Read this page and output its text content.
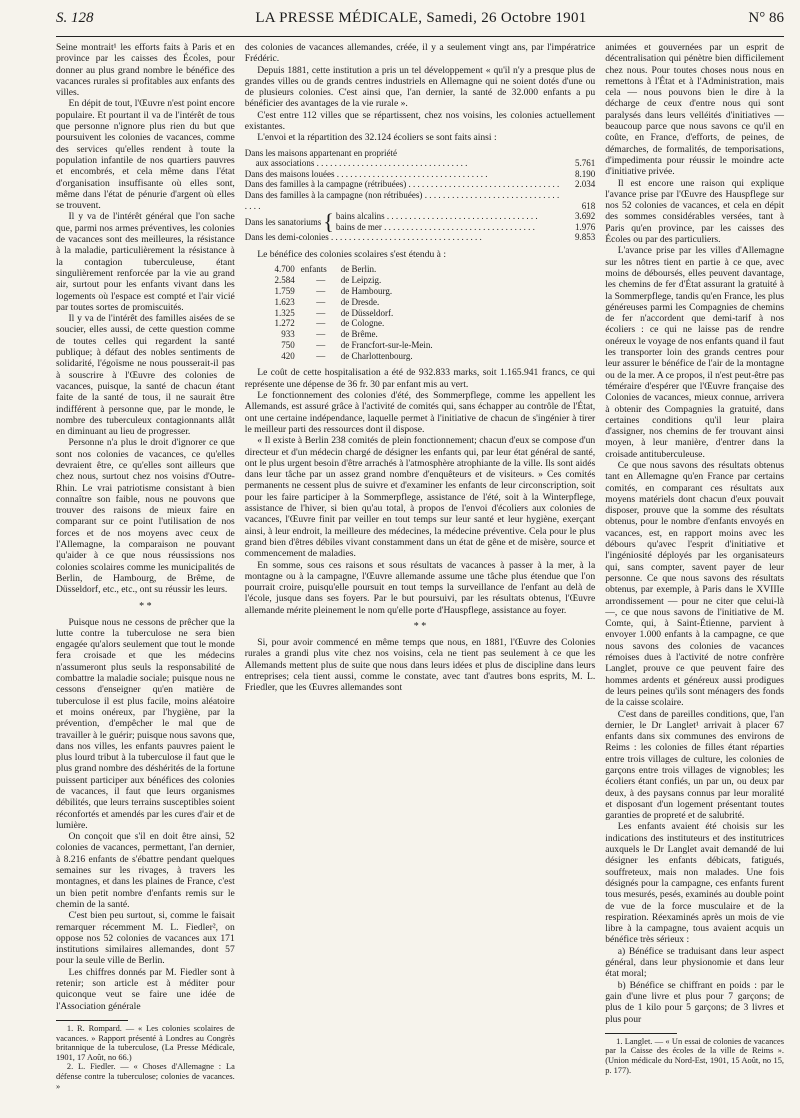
S. 128	LA PRESSE MÉDICALE, Samedi, 26 Octobre 1901	N° 86

Seine montrait¹ les efforts faits à Paris et en province par les caisses des Écoles, pour donner au plus grand nombre le bénéfice des vacances rurales si profitables aux enfants des villes.

En dépit de tout, l'Œuvre n'est point encore populaire. Et pourtant il va de l'intérêt de tous que personne n'ignore plus rien du but que poursuivent les colonies de vacances, comme des services qu'elles rendent à toute la population infantile de nos quartiers pauvres et encombrés, et cela même dans l'état d'organisation insuffisante où elles sont, même dans l'état de pénurie d'argent où elles se trouvent.

Il y va de l'intérêt général que l'on sache que, parmi nos armes préventives, les colonies de vacances sont des meilleures, la résistance à la maladie, particulièrement la résistance à la contagion tuberculeuse, étant singulièrement renforcée par la vie au grand air, surtout pour les enfants vivant dans les logements où l'espace est compté et l'air vicié par toutes sortes de promiscuités.

Il y va de l'intérêt des familles aisées de se soucier, elles aussi, de cette question comme de toutes celles qui regardent la santé publique; à défaut des nobles sentiments de solidarité, l'égoïsme ne nous pousserait-il pas à souscrire à l'Œuvre des colonies de vacances, puisque, la santé de chacun étant faite de la santé de tous, il ne saurait être indifférent à personne que, par le monde, le nombre des tuberculeux contagionnants allât en diminuant au lieu de progresser.

Personne n'a plus le droit d'ignorer ce que sont nos colonies de vacances, ce qu'elles devraient être, ce qu'elles sont ailleurs que chez nous, surtout chez nos voisins d'Outre-Rhin. Le vrai patriotisme consistant à bien connaître son faible, nous ne pouvons que trouver des raisons de mieux faire en comparant sur ce point l'utilisation de nos forces et de nos moyens avec ceux de l'Allemagne, la comparaison ne pouvant qu'aider à ce que nous réussissions nos colonies scolaires comme les municipalités de Berlin, de Hambourg, de Brême, de Düsseldorf, etc., etc., ont su réussir les leurs.

* *

Puisque nous ne cessons de prêcher que la lutte contre la tuberculose ne sera bien engagée qu'alors seulement que tout le monde fera croisade et que les médecins n'assumeront plus seuls la responsabilité de combattre la maladie sociale; puisque nous ne cessons d'enseigner qu'en matière de tuberculose il est plus facile, moins aléatoire et moins onéreux, par l'hygiène, par la prévention, d'empêcher le mal que de travailler à le guérir; puisque nous savons que, dans nos villes, les enfants pauvres paient le plus lourd tribut à la tuberculose il faut que le plus grand nombre des déshérités de la fortune puissent participer aux bénéfices des colonies de vacances, il faut que leurs organismes débilités, que leurs terrains susceptibles soient réconfortés et amendés par les cures d'air et de lumière.

On conçoit que s'il en doit être ainsi, 52 colonies de vacances, permettant, l'an dernier, à 8.216 enfants de s'ébattre pendant quelques semaines sur les rivages, à travers les montagnes, et dans les plaines de France, c'est un bien petit nombre d'enfants remis sur le chemin de la santé.

C'est bien peu surtout, si, comme le faisait remarquer récemment M. L. Fiedler², on oppose nos 52 colonies de vacances aux 171 institutions similaires allemandes, dont 57 pour la seule ville de Berlin.

Les chiffres donnés par M. Fiedler sont à retenir; son article est à méditer pour quiconque veut se faire une idée de l'Association générale

1. R. Rompard. — « Les colonies scolaires de vacances. » Rapport présenté à Londres au Congrès britannique de la tuberculose, (La Presse Médicale, 1901, 17 Août, no 66.)

2. L. Fiedler. — « Choses d'Allemagne : La défense contre la tuberculose; colonies de vacances. »

des colonies de vacances allemandes, créée, il y a seulement vingt ans, par l'impératrice Frédéric.

Depuis 1881, cette institution a pris un tel développement « qu'il n'y a presque plus de grandes villes ou de grands centres industriels en Allemagne qui ne soient dotés d'une ou de plusieurs colonies. C'est ainsi que, l'an dernier, la santé de 32.000 enfants a pu bénéficier des avantages de la vie rurale ».

C'est entre 112 villes que se répartissent, chez nos voisins, les colonies actuellement existantes.

L'envoi et la répartition des 32.124 écoliers se sont faits ainsi :

Dans les maisons appartenant en propriété
aux associations . . .	5.761
Dans des maisons louées . . .	8.190
Dans des familles à la campagne (rétribuées) . . .	2.034
Dans des familles à la campagne (non rétribuées) . . .
618
Dans les sanatoriums { bains alcalins . . .	3.692
bains de mer . . .	1.976
Dans les demi-colonies . . .	9.853

Le bénéfice des colonies scolaires s'est étendu à :

4.700 enfants	de Berlin.
2.584	—	de Leipzig.
1.759	—	de Hambourg.
1.623	—	de Dresde.
1.325	—	de Düsseldorf.
1.272	—	de Cologne.
933	—	de Brême.
750	—	de Francfort-sur-le-Mein.
420	—	de Charlottenbourg.

Le coût de cette hospitalisation a été de 932.833 marks, soit 1.165.941 francs, ce qui représente une dépense de 36 fr. 30 par enfant mis au vert.

Le fonctionnement des colonies d'été, des Sommerpflege, comme les appellent les Allemands, est assuré grâce à l'activité de comités qui, sans échapper au contrôle de l'État, ont une certaine indépendance, laquelle permet à l'initiative de chacun de s'ingénier à tirer le meilleur parti des ressources dont il dispose.

« Il existe à Berlin 238 comités de plein fonctionnement; chacun d'eux se compose d'un directeur et d'un médecin chargé de désigner les enfants qui, par leur état général de santé, ont le plus urgent besoin d'être arrachés à l'atmosphère atrophiante de la ville. Ils sont aidés dans leur tâche par un assez grand nombre d'enquêteurs et de visiteurs. » Ces comités permanents ne cessent plus de suivre et d'examiner les enfants de leur circonscription, soit pour les faire participer à la Sommerpflege, assistance de l'été, soit à la Winterpflege, assistance de l'hiver, si bien qu'au total, à propos de l'envoi d'écoliers aux colonies de vacances, l'Œuvre finit par veiller en tout temps sur leur santé et leur hygiène, exerçant ainsi, à leur endroit, la meilleure des médecines, la médecine préventive. Cela pour le plus grand bien d'êtres débiles vivant constamment dans un état de gêne et de misère, source et commencement de maladies.

En somme, sous ces raisons et sous résultats de vacances à passer à la mer, à la montagne ou à la campagne, l'Œuvre allemande assume une tâche plus étendue que l'on pourrait croire, puisqu'elle poursuit en tout temps la surveillance de l'enfant au delà de l'école, jusque dans ses foyers. Par le but poursuivi, par les résultats obtenus, l'Œuvre allemande mérite pleinement le nom qu'elle porte d'Hauspflege, assistance au foyer.

* *

Si, pour avoir commencé en même temps que nous, en 1881, l'Œuvre des Colonies rurales a grandi plus vite chez nos voisins, cela ne tient pas seulement à ce que les Allemands mettent plus de suite que nous dans leurs idées et plus de discipline dans leurs entreprises; cela tient aussi, comme le constate, avec tant d'autres bons esprits, M. L. Friedler, que les Œuvres allemandes sont

animées et gouvernées par un esprit de décentralisation qui pénètre bien difficilement chez nous. Pour toutes choses nous nous en remettons à l'État et à l'Administration, mais cela — nous pouvons bien le dire à la décharge de ceux d'entre nous qui sont paralysés dans leurs velléités d'initiatives — beaucoup parce que nous savons ce qu'il en coûte, en France, d'efforts, de peines, de démarches, de formalités, de temporisations, d'impedimenta pour réussir le moindre acte d'initiative privée.

Il est encore une raison qui explique l'avance prise par l'Œuvre des Hauspflege sur nos 52 colonies de vacances, et cela en dépit des sommes considérables versées, tant à Paris qu'en province, par les caisses des Écoles ou par des particuliers.

L'avance prise par les villes d'Allemagne sur les nôtres tient en partie à ce que, avec moins de déboursés, elles peuvent davantage, les chemins de fer d'État assurant la gratuité à la Sommerpflege, tandis qu'en France, les plus généreuses parmi les Compagnies de chemins de fer n'accordent que demi-tarif à nos écoliers : ce qui ne laisse pas de rendre onéreux le voyage de nos enfants quand il faut les transporter loin des grands centres pour leur assurer le bénéfice de l'air de la montagne ou de la mer. A ce propos, il n'est peut-être pas téméraire d'espérer que l'Œuvre française des Colonies de vacances, mieux connue, arrivera à obtenir des Compagnies la gratuité, dans certaines conditions qu'il leur plaira d'assigner, nos chemins de fer trouvant ainsi moyen, à leur manière, d'entrer dans la croisade antituberculeuse.

Ce que nous savons des résultats obtenus tant en Allemagne qu'en France par certains comités, en comparant ces résultats aux moyens matériels dont chacun d'eux pouvait disposer, prouve que la somme des résultats obtenus, pour le nombre d'enfants envoyés en vacances, est, en rapport moins avec les débours qu'avec l'esprit d'initiative et l'ingéniosité déployés par les organisateurs qui, sans compter, savent payer de leur personne. Ce que nous savons des résultats obtenus, par exemple, à Paris dans le XVIIIe arrondissement — pour ne citer que celui-là —, ce que nous savons de l'initiative de M. Comte, qui, à Saint-Étienne, parvient à envoyer 1.000 enfants à la campagne, ce que nous savons des colonies de vacances rémoises dues à l'activité de notre confrère Langlet, prouve ce que peuvent faire des hommes ardents et généreux aussi prodigues de leurs peines qu'ils sont ménagers des fonds de la caisse scolaire.

C'est dans de pareilles conditions, que, l'an dernier, le Dr Langlet¹ arrivait à placer 67 enfants dans six communes des environs de Reims : les colonies de filles étant réparties entre trois villages de culture, les colonies de garçons entre trois villages de vignobles; les écoliers étant confiés, un par un, ou deux par deux, à des paysans connus par leur moralité et disposant d'un logement présentant toutes garanties de propreté et de salubrité.

Les enfants avaient été choisis sur les indications des instituteurs et des institutrices auxquels le Dr Langlet avait demandé de lui désigner les enfants débicats, fatigués, souffreteux, mais non malades. Une fois désignés pour la campagne, ces enfants furent tous mesurés, pesés, examinés au double point de vue de la force musculaire et de la respiration. Réexaminés après un mois de vie libre à la campagne, tous avaient acquis un bénéfice très sérieux :

a) Bénéfice se traduisant dans leur aspect général, dans leur physionomie et dans leur état moral;

b) Bénéfice se chiffrant en poids : par le gain d'une livre et plus pour 7 garçons; de plus de 1 kilo pour 5 garçons; de 3 livres et plus pour

1. Langlet. — « Un essai de colonies de vacances par la Caisse des écoles de la ville de Reims ». (Union médicale du Nord-Est, 1901, 15 Août, no 15, p. 177).
